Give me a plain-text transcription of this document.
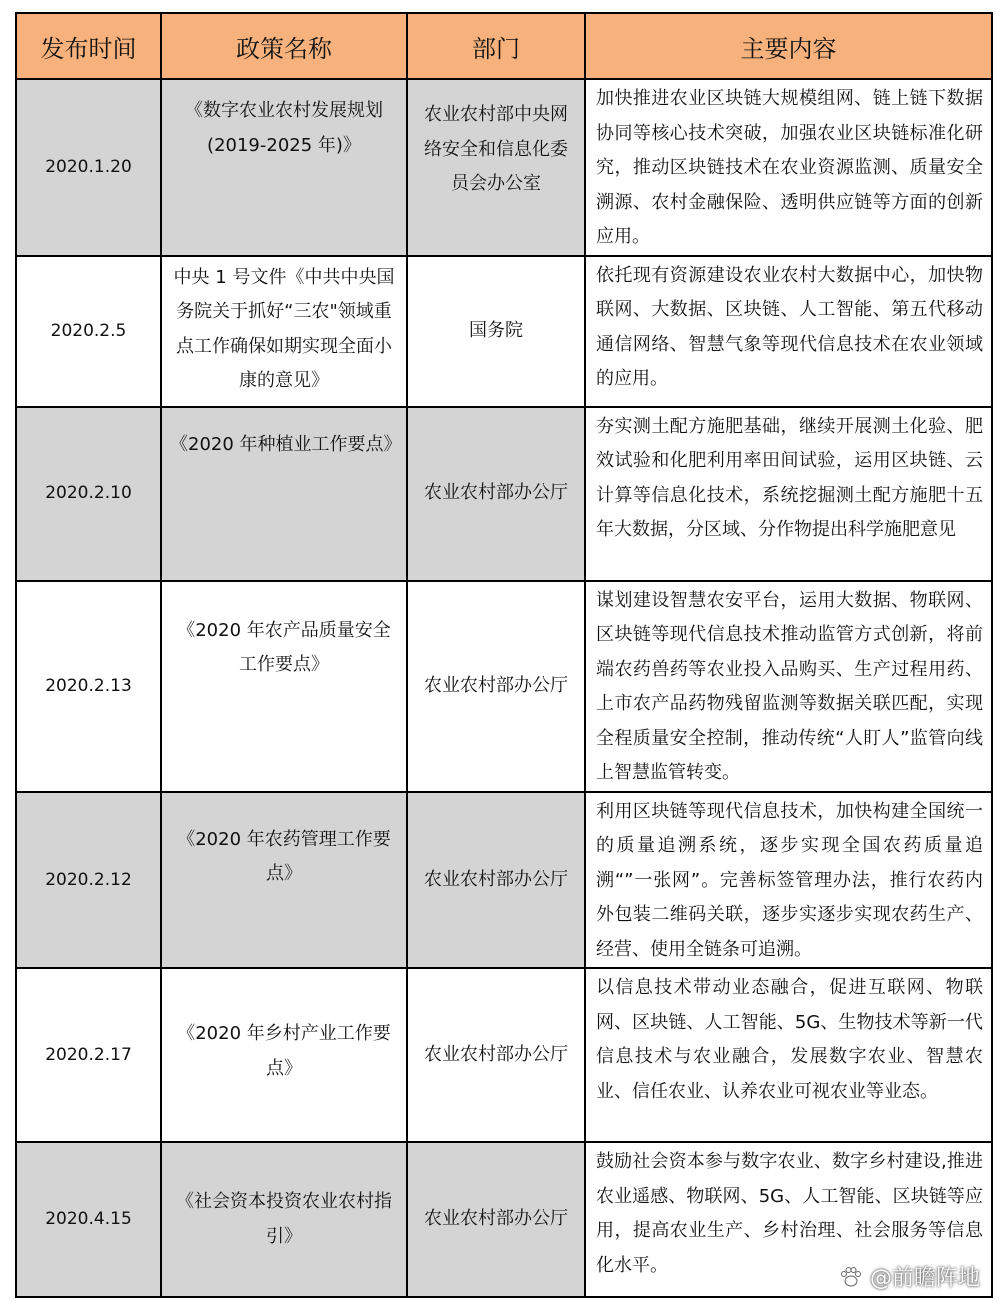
发布时间	政策名称	部门	主要内容
2020.1.20	《数字农业农村发展规划(2019-2025 年)》	农业农村部中央网络安全和信息化委员会办公室	加快推进农业区块链大规模组网、链上链下数据协同等核心技术突破，加强农业区块链标准化研究，推动区块链技术在农业资源监测、质量安全溯源、农村金融保险、透明供应链等方面的创新应用。
2020.2.5	中央 1 号文件《中共中央国务院关于抓好“三农"领域重点工作确保如期实现全面小康的意见》	国务院	依托现有资源建设农业农村大数据中心，加快物联网、大数据、区块链、人工智能、第五代移动通信网络、智慧气象等现代信息技术在农业领域的应用。
2020.2.10	《2020 年种植业工作要点》	农业农村部办公厅	夯实测土配方施肥基础，继续开展测土化验、肥效试验和化肥利用率田间试验，运用区块链、云计算等信息化技术，系统挖掘测土配方施肥十五年大数据，分区域、分作物提出科学施肥意见
2020.2.13	《2020 年农产品质量安全工作要点》	农业农村部办公厅	谋划建设智慧农安平台，运用大数据、物联网、区块链等现代信息技术推动监管方式创新，将前端农药兽药等农业投入品购买、生产过程用药、上市农产品药物残留监测等数据关联匹配，实现全程质量安全控制，推动传统“人盯人”监管向线上智慧监管转变。
2020.2.12	《2020 年农药管理工作要点》	农业农村部办公厅	利用区块链等现代信息技术，加快构建全国统一的质量追溯系统，逐步实现全国农药质量追溯“”一张网”。完善标签管理办法，推行农药内外包装二维码关联，逐步实逐步实现农药生产、经营、使用全链条可追溯。
2020.2.17	《2020 年乡村产业工作要点》	农业农村部办公厅	以信息技术带动业态融合，促进互联网、物联网、区块链、人工智能、5G、生物技术等新一代信息技术与农业融合，发展数字农业、智慧农业、信任农业、认养农业可视农业等业态。
2020.4.15	《社会资本投资农业农村指引》	农业农村部办公厅	鼓励社会资本参与数字农业、数字乡村建设,推进农业遥感、物联网、5G、人工智能、区块链等应用，提高农业生产、乡村治理、社会服务等信息化水平。
@前瞻阵地
